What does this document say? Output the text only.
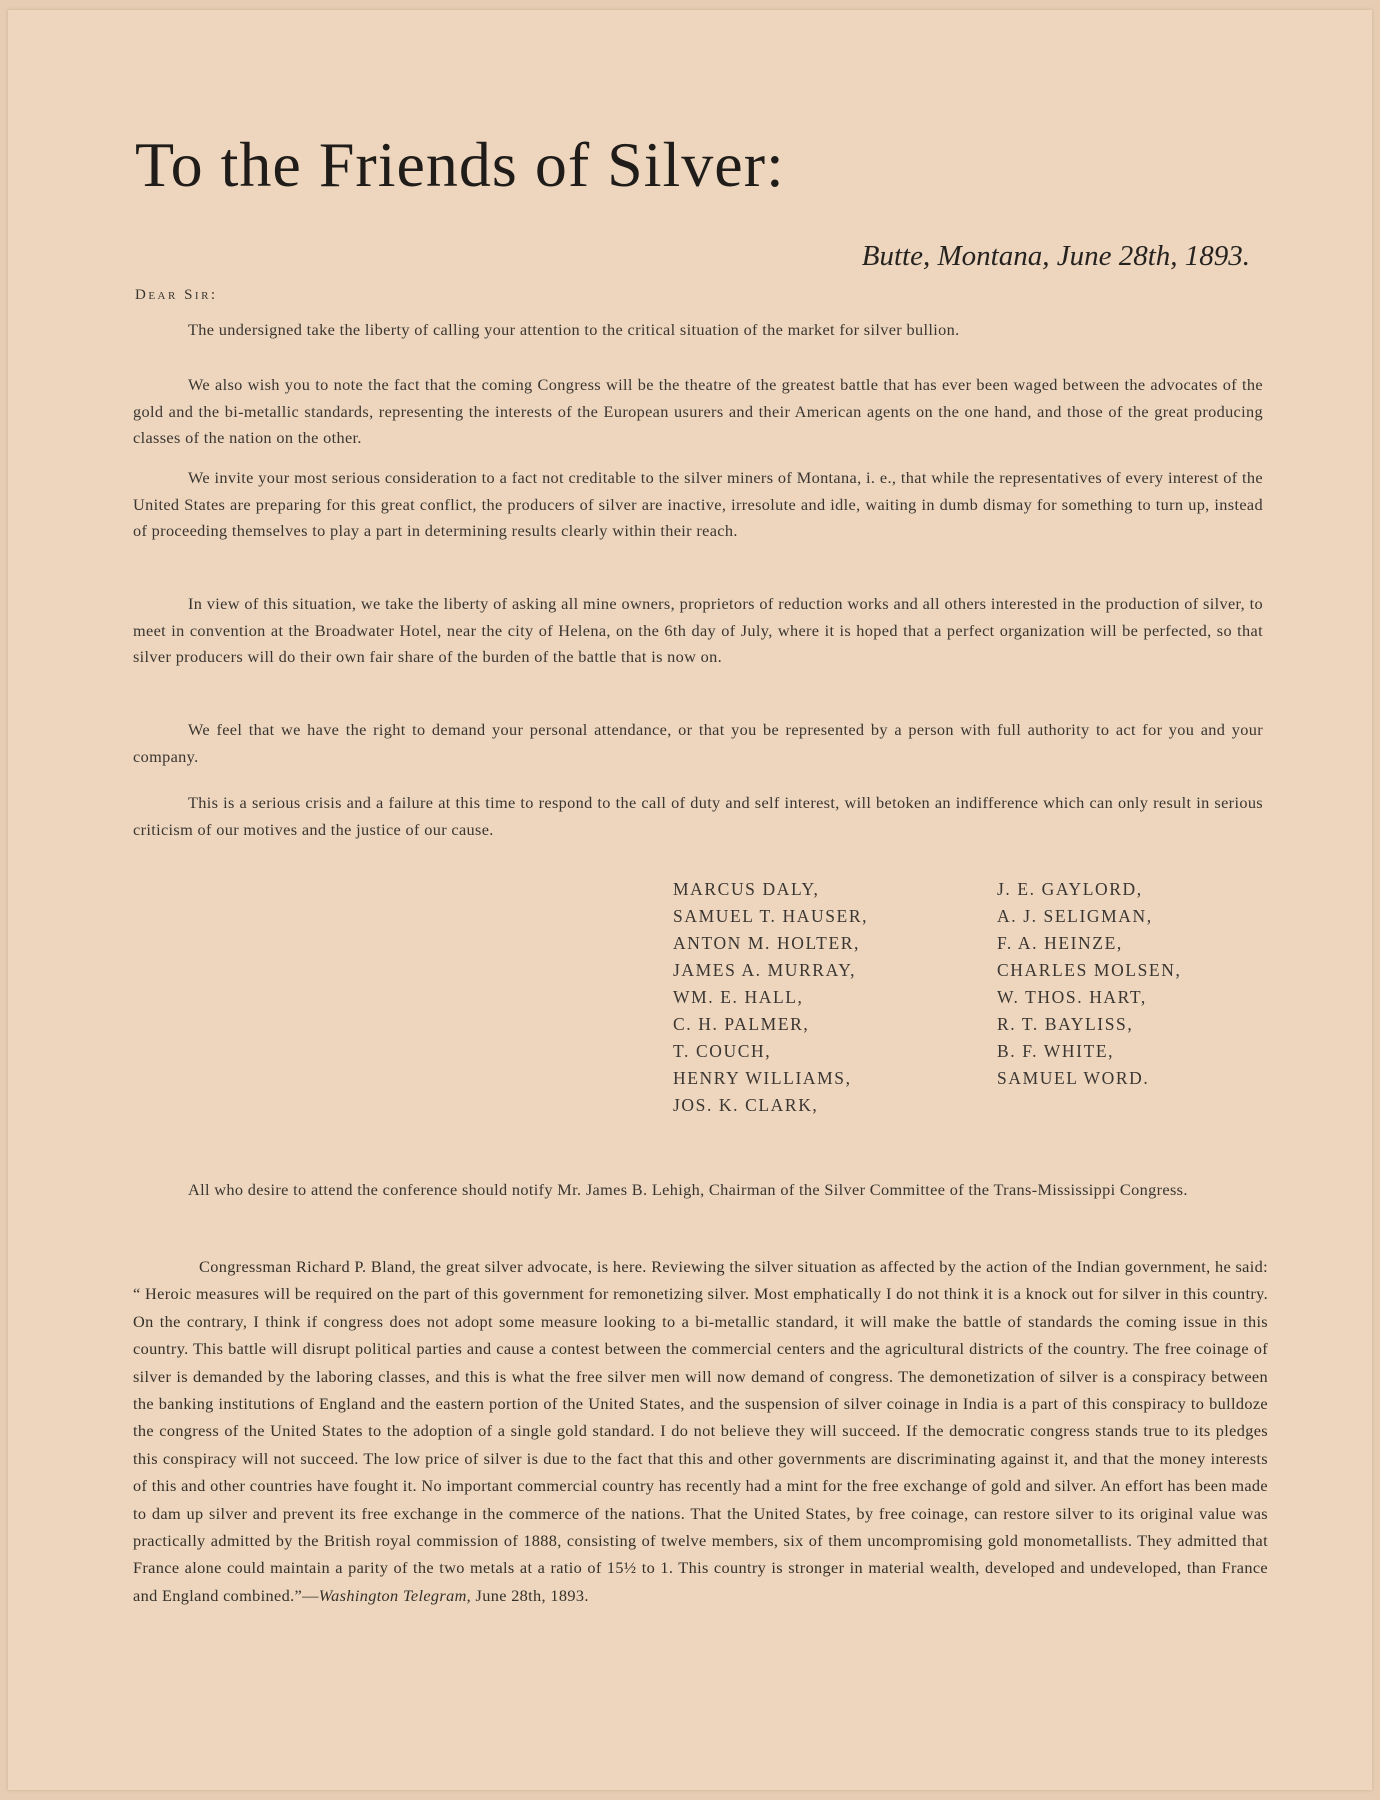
To the Friends of Silver:
Butte, Montana, June 28th, 1893.
Dear Sir:

The undersigned take the liberty of calling your attention to the critical situation of the market for silver bullion.

We also wish you to note the fact that the coming Congress will be the theatre of the greatest battle that has ever been waged between the advocates of the gold and the bi-metallic standards, representing the interests of the European usurers and their American agents on the one hand, and those of the great producing classes of the nation on the other.

We invite your most serious consideration to a fact not creditable to the silver miners of Montana, i. e., that while the representatives of every interest of the United States are preparing for this great conflict, the producers of silver are inactive, irresolute and idle, waiting in dumb dismay for something to turn up, instead of proceeding themselves to play a part in determining results clearly within their reach.

In view of this situation, we take the liberty of asking all mine owners, proprietors of reduction works and all others interested in the production of silver, to meet in convention at the Broadwater Hotel, near the city of Helena, on the 6th day of July, where it is hoped that a perfect organization will be perfected, so that silver producers will do their own fair share of the burden of the battle that is now on.

We feel that we have the right to demand your personal attendance, or that you be represented by a person with full authority to act for you and your company.

This is a serious crisis and a failure at this time to respond to the call of duty and self interest, will betoken an indifference which can only result in serious criticism of our motives and the justice of our cause.

MARCUS DALY,
SAMUEL T. HAUSER,
ANTON M. HOLTER,
JAMES A. MURRAY,
WM. E. HALL,
C. H. PALMER,
T. COUCH,
HENRY WILLIAMS,
JOS. K. CLARK,
J. E. GAYLORD,
A. J. SELIGMAN,
F. A. HEINZE,
CHARLES MOLSEN,
W. THOS. HART,
R. T. BAYLISS,
B. F. WHITE,
SAMUEL WORD.

All who desire to attend the conference should notify Mr. James B. Lehigh, Chairman of the Silver Committee of the Trans-Mississippi Congress.

Congressman Richard P. Bland, the great silver advocate, is here. Reviewing the silver situation as affected by the action of the Indian government, he said: “ Heroic measures will be required on the part of this government for remonetizing silver. Most emphatically I do not think it is a knock out for silver in this country. On the contrary, I think if congress does not adopt some measure looking to a bi-metallic standard, it will make the battle of standards the coming issue in this country. This battle will disrupt political parties and cause a contest between the commercial centers and the agricultural districts of the country. The free coinage of silver is demanded by the laboring classes, and this is what the free silver men will now demand of congress. The demonetization of silver is a conspiracy between the banking institutions of England and the eastern portion of the United States, and the suspension of silver coinage in India is a part of this conspiracy to bulldoze the congress of the United States to the adoption of a single gold standard. I do not believe they will succeed. If the democratic congress stands true to its pledges this conspiracy will not succeed. The low price of silver is due to the fact that this and other governments are discriminating against it, and that the money interests of this and other countries have fought it. No important commercial country has recently had a mint for the free exchange of gold and silver. An effort has been made to dam up silver and prevent its free exchange in the commerce of the nations. That the United States, by free coinage, can restore silver to its original value was practically admitted by the British royal commission of 1888, consisting of twelve members, six of them uncompromising gold monometallists. They admitted that France alone could maintain a parity of the two metals at a ratio of 15½ to 1. This country is stronger in material wealth, developed and undeveloped, than France and England combined.”—Washington Telegram, June 28th, 1893.
